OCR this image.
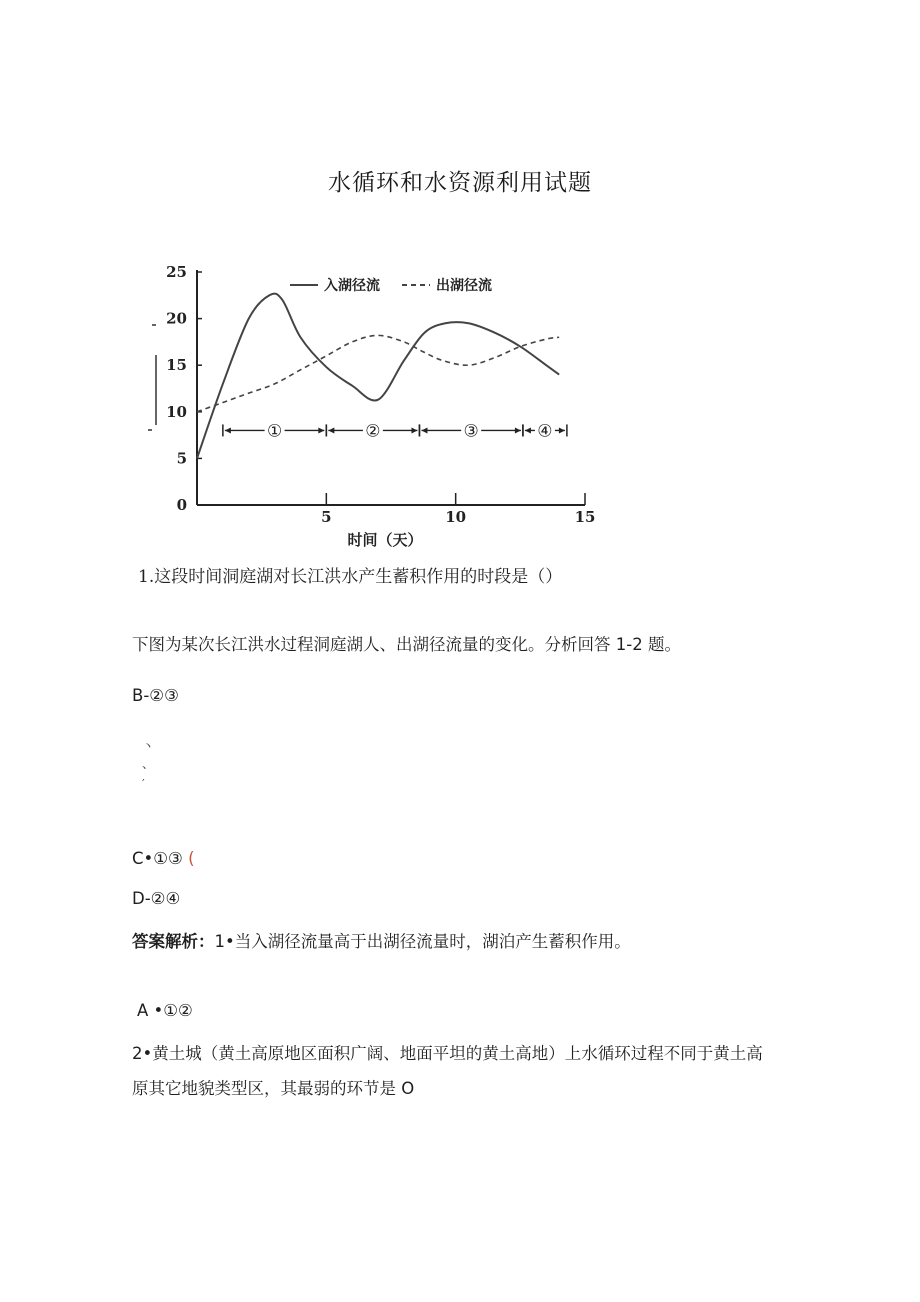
水循环和水资源利用试题
0
5
10
15
20
25
5	10	15
入湖径流	出湖径流
①	②	③	④
时间（天）
1.这段时间洞庭湖对长江洪水产生蓄积作用的时段是（）
下图为某次长江洪水过程洞庭湖人、出湖径流量的变化。分析回答 1-2 题。
B-②③
丶
、
′
C•①③ (
D-②④
答案解析：1•当入湖径流量高于出湖径流量时，湖泊产生蓄积作用。
A •①②
2•黄土城（黄土高原地区面积广阔、地面平坦的黄土高地）上水循环过程不同于黄土高
原其它地貌类型区，其最弱的环节是 O
